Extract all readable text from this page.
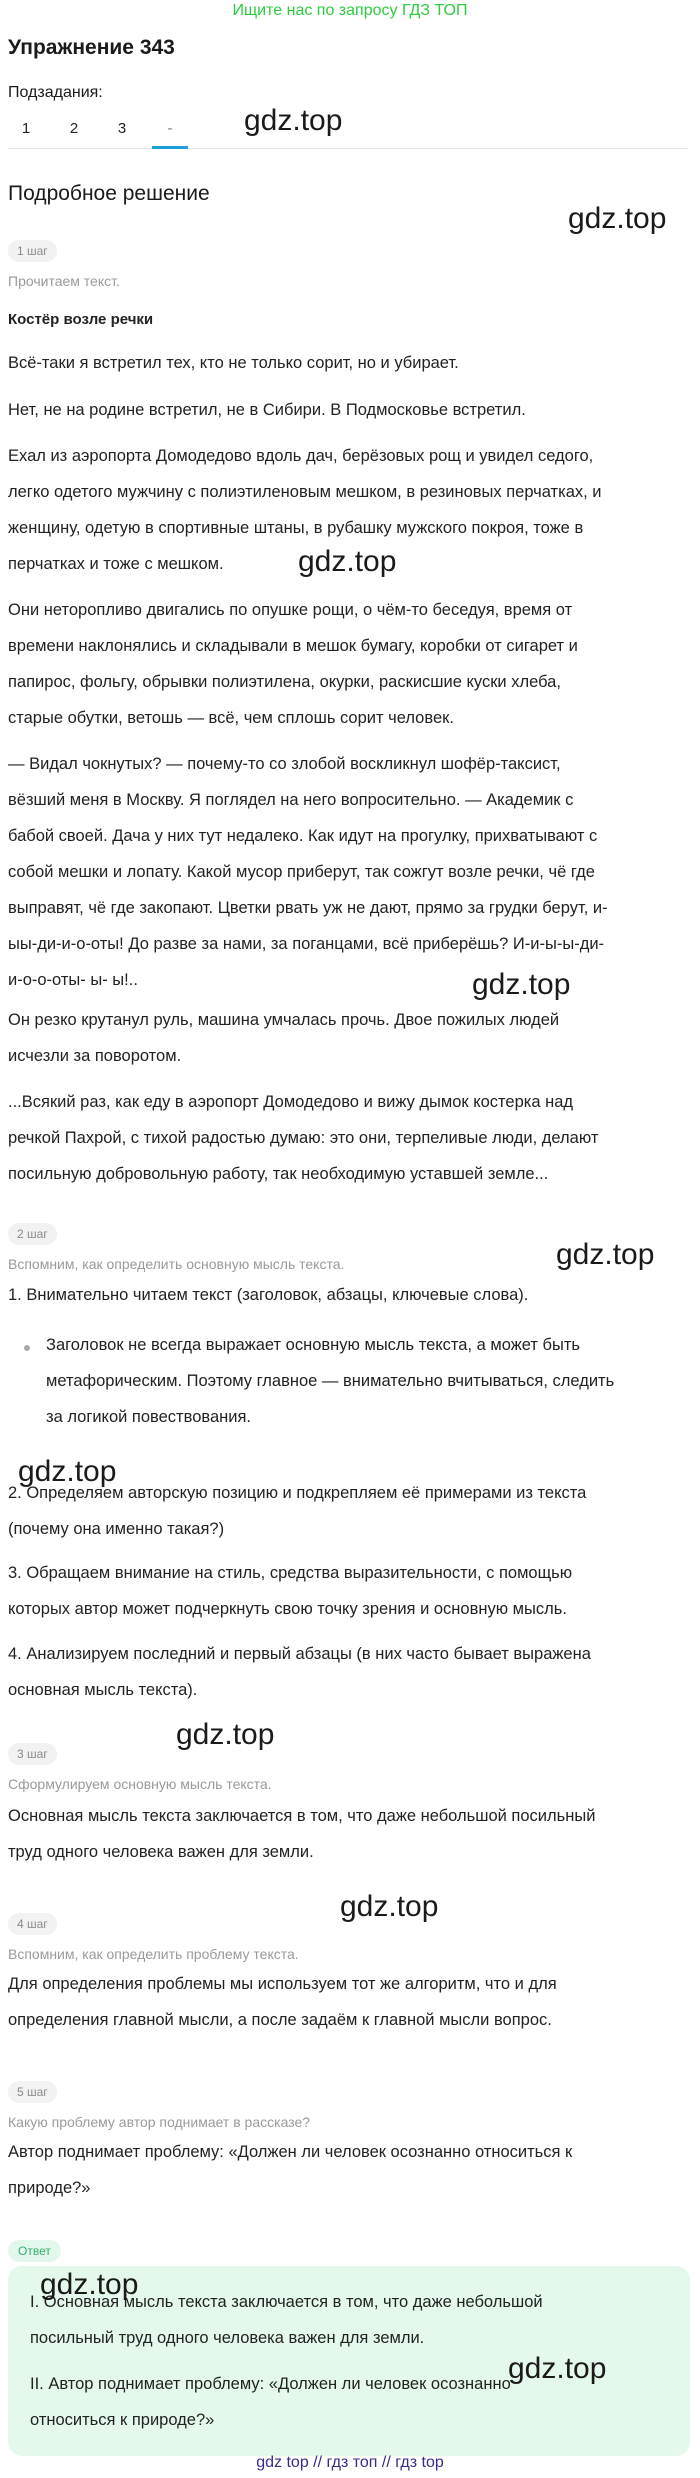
Ищите нас по запросу ГДЗ ТОП
Упражнение 343
Подзадания:
1	2	3	-
Подробное решение
1 шаг
Прочитаем текст.
Костёр возле речки
Всё-таки я встретил тех, кто не только сорит, но и убирает.
Нет, не на родине встретил, не в Сибири. В Подмосковье встретил.
Ехал из аэропорта Домодедово вдоль дач, берёзовых рощ и увидел седого,
легко одетого мужчину с полиэтиленовым мешком, в резиновых перчатках, и
женщину, одетую в спортивные штаны, в рубашку мужского покроя, тоже в
перчатках и тоже с мешком.
Они неторопливо двигались по опушке рощи, о чём-то беседуя, время от
времени наклонялись и складывали в мешок бумагу, коробки от сигарет и
папирос, фольгу, обрывки полиэтилена, окурки, раскисшие куски хлеба,
старые обутки, ветошь — всё, чем сплошь сорит человек.
— Видал чокнутых? — почему-то со злобой воскликнул шофёр-таксист,
вёзший меня в Москву. Я поглядел на него вопросительно. — Академик с
бабой своей. Дача у них тут недалеко. Как идут на прогулку, прихватывают с
собой мешки и лопату. Какой мусор приберут, так сожгут возле речки, чё где
выправят, чё где закопают. Цветки рвать уж не дают, прямо за грудки берут, и-
ыы-ди-и-о-оты! До разве за нами, за поганцами, всё приберёшь? И-и-ы-ы-ди-
и-о-о-оты- ы- ы!..
Он резко крутанул руль, машина умчалась прочь. Двое пожилых людей
исчезли за поворотом.
...Всякий раз, как еду в аэропорт Домодедово и вижу дымок костерка над
речкой Пахрой, с тихой радостью думаю: это они, терпеливые люди, делают
посильную добровольную работу, так необходимую уставшей земле...
2 шаг
Вспомним, как определить основную мысль текста.
1. Внимательно читаем текст (заголовок, абзацы, ключевые слова).
Заголовок не всегда выражает основную мысль текста, а может быть
метафорическим. Поэтому главное — внимательно вчитываться, следить
за логикой повествования.
2. Определяем авторскую позицию и подкрепляем её примерами из текста
(почему она именно такая?)
3. Обращаем внимание на стиль, средства выразительности, с помощью
которых автор может подчеркнуть свою точку зрения и основную мысль.
4. Анализируем последний и первый абзацы (в них часто бывает выражена
основная мысль текста).
3 шаг
Сформулируем основную мысль текста.
Основная мысль текста заключается в том, что даже небольшой посильный
труд одного человека важен для земли.
4 шаг
Вспомним, как определить проблему текста.
Для определения проблемы мы используем тот же алгоритм, что и для
определения главной мысли, а после задаём к главной мысли вопрос.
5 шаг
Какую проблему автор поднимает в рассказе?
Автор поднимает проблему: «Должен ли человек осознанно относиться к
природе?»
Ответ
I. Основная мысль текста заключается в том, что даже небольшой
посильный труд одного человека важен для земли.
II. Автор поднимает проблему: «Должен ли человек осознанно
относиться к природе?»
gdz.top
gdz.top
gdz.top
gdz.top
gdz.top
gdz.top
gdz.top
gdz.top
gdz.top
gdz.top
gdz top // гдз топ // гдз top
